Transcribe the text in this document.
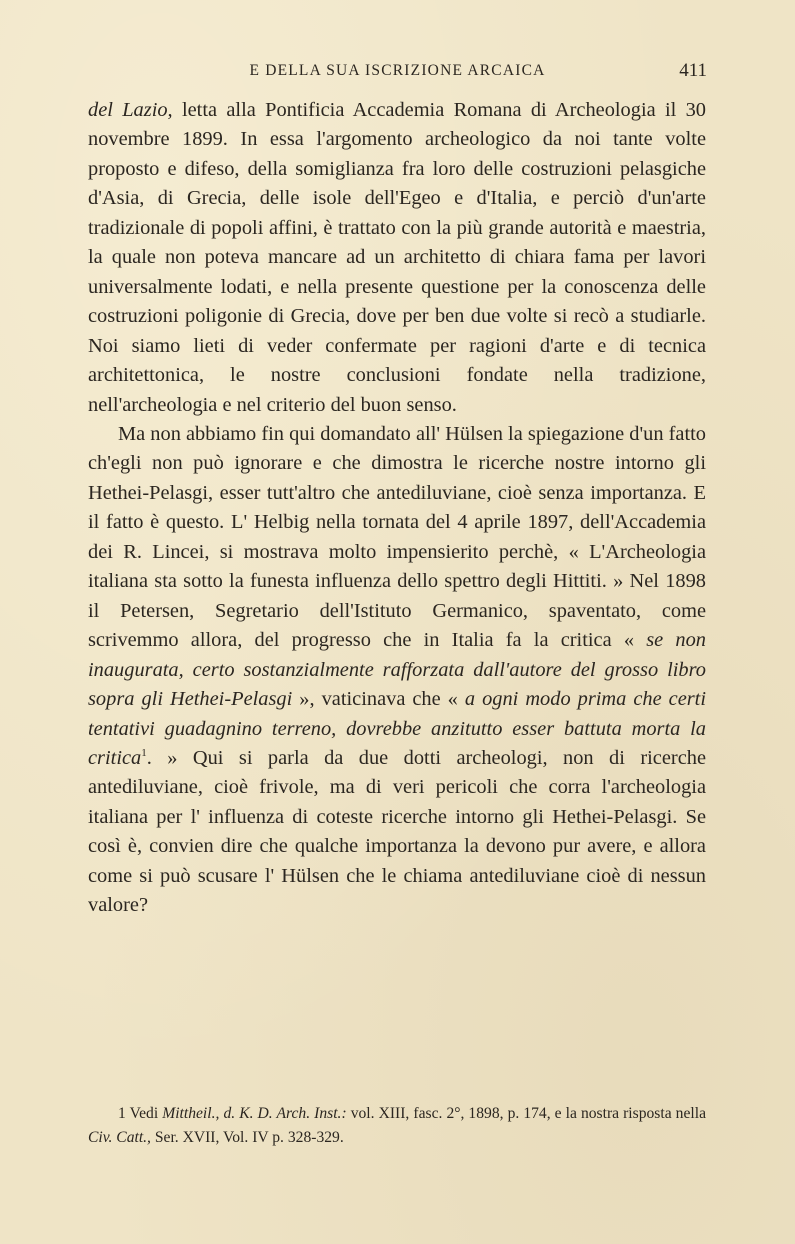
E DELLA SUA ISCRIZIONE ARCAICA	411

del Lazio, letta alla Pontificia Accademia Romana di Archeologia il 30 novembre 1899. In essa l'argomento archeologico da noi tante volte proposto e difeso, della somiglianza fra loro delle costruzioni pelasgiche d'Asia, di Grecia, delle isole dell'Egeo e d'Italia, e perciò d'un'arte tradizionale di popoli affini, è trattato con la più grande autorità e maestria, la quale non poteva mancare ad un architetto di chiara fama per lavori universalmente lodati, e nella presente questione per la conoscenza delle costruzioni poligonie di Grecia, dove per ben due volte si recò a studiarle. Noi siamo lieti di veder confermate per ragioni d'arte e di tecnica architettonica, le nostre conclusioni fondate nella tradizione, nell'archeologia e nel criterio del buon senso.

Ma non abbiamo fin qui domandato all' Hülsen la spiegazione d'un fatto ch'egli non può ignorare e che dimostra le ricerche nostre intorno gli Hethei-Pelasgi, esser tutt'altro che antediluviane, cioè senza importanza. E il fatto è questo. L' Helbig nella tornata del 4 aprile 1897, dell'Accademia dei R. Lincei, si mostrava molto impensierito perchè, « L'Archeologia italiana sta sotto la funesta influenza dello spettro degli Hittiti. » Nel 1898 il Petersen, Segretario dell'Istituto Germanico, spaventato, come scrivemmo allora, del progresso che in Italia fa la critica « se non inaugurata, certo sostanzialmente rafforzata dall'autore del grosso libro sopra gli Hethei-Pelasgi », vaticinava che « a ogni modo prima che certi tentativi guadagnino terreno, dovrebbe anzitutto esser battuta morta la critica$^1$. » Qui si parla da due dotti archeologi, non di ricerche antediluviane, cioè frivole, ma di veri pericoli che corra l'archeologia italiana per l' influenza di coteste ricerche intorno gli Hethei-Pelasgi. Se così è, convien dire che qualche importanza la devono pur avere, e allora come si può scusare l' Hülsen che le chiama antediluviane cioè di nessun valore?

1 Vedi Mittheil., d. K. D. Arch. Inst.: vol. XIII, fasc. 2°, 1898, p. 174, e la nostra risposta nella Civ. Catt., Ser. XVII, Vol. IV p. 328-329.
